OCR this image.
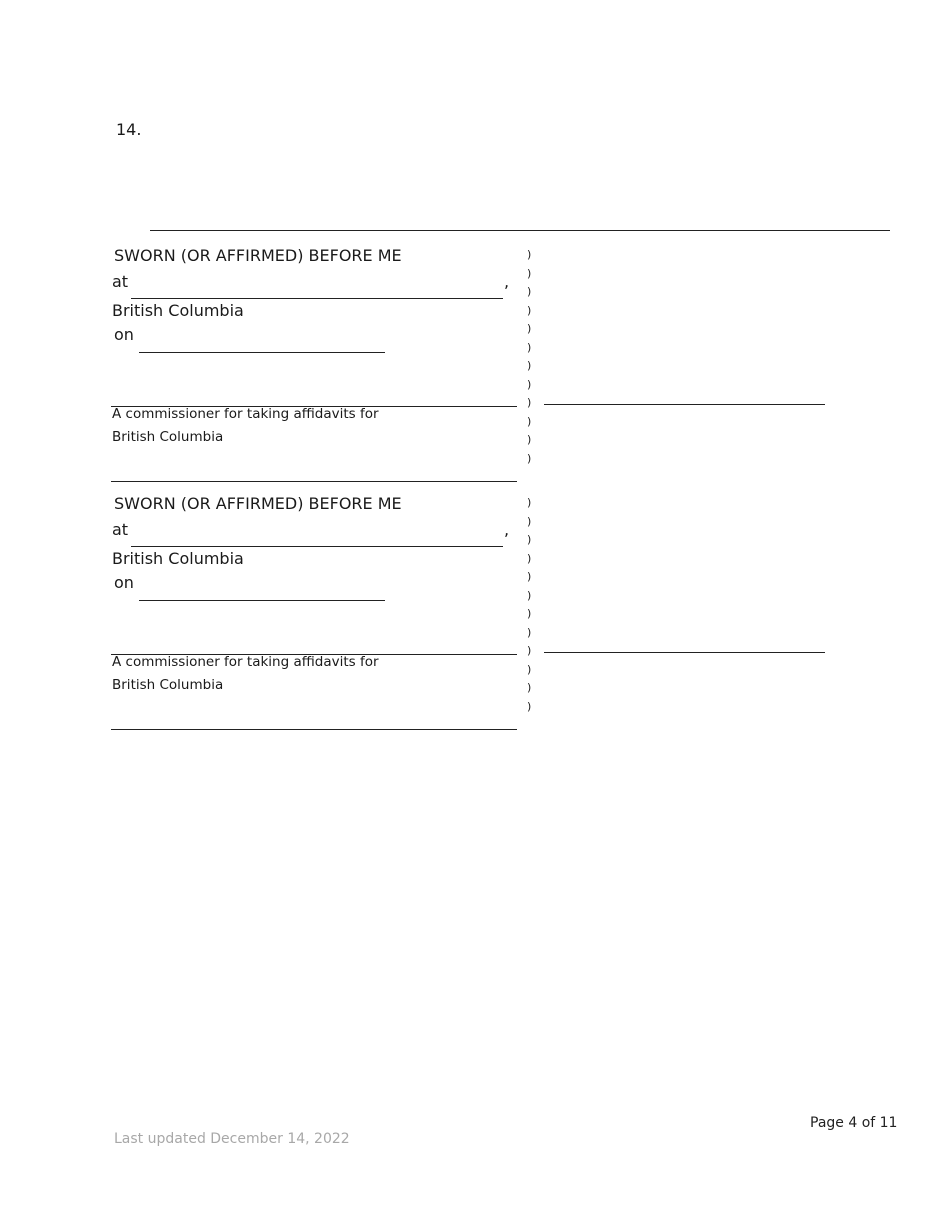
14.
SWORN (OR AFFIRMED) BEFORE ME
at	,
British Columbia
on
A commissioner for taking affidavits for
British Columbia
)
)
)
)
)
)
)
)
)
)
)
)
SWORN (OR AFFIRMED) BEFORE ME
at	,
British Columbia
on
A commissioner for taking affidavits for
British Columbia
)
)
)
)
)
)
)
)
)
)
)
)
Page 4 of 11
Last updated December 14, 2022
